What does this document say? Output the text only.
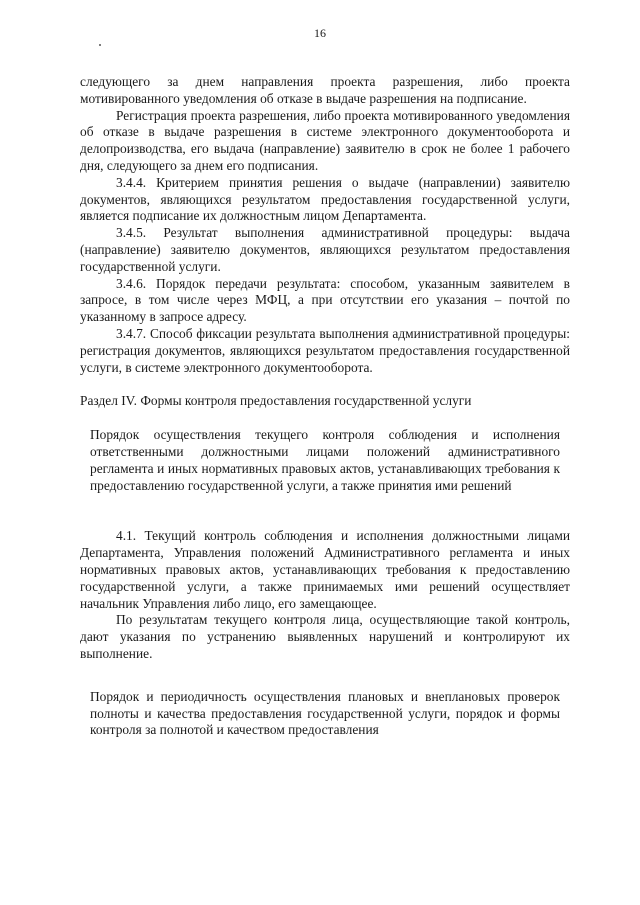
16

следующего за днем направления проекта разрешения, либо проекта мотивированного уведомления об отказе в выдаче разрешения на подписание.

Регистрация проекта разрешения, либо проекта мотивированного уведомления об отказе в выдаче разрешения в системе электронного документооборота и делопроизводства, его выдача (направление) заявителю в срок не более 1 рабочего дня, следующего за днем его подписания.

3.4.4. Критерием принятия решения о выдаче (направлении) заявителю документов, являющихся результатом предоставления государственной услуги, является подписание их должностным лицом Департамента.

3.4.5. Результат выполнения административной процедуры: выдача (направление) заявителю документов, являющихся результатом предоставления государственной услуги.

3.4.6. Порядок передачи результата: способом, указанным заявителем в запросе, в том числе через МФЦ, а при отсутствии его указания – почтой по указанному в запросе адресу.

3.4.7. Способ фиксации результата выполнения административной процедуры: регистрация документов, являющихся результатом предоставления государственной услуги, в системе электронного документооборота.

Раздел IV. Формы контроля предоставления государственной услуги

Порядок осуществления текущего контроля соблюдения и исполнения ответственными должностными лицами положений административного регламента и иных нормативных правовых актов, устанавливающих требования к предоставлению государственной услуги, а также принятия ими решений

4.1. Текущий контроль соблюдения и исполнения должностными лицами Департамента, Управления положений Административного регламента и иных нормативных правовых актов, устанавливающих требования к предоставлению государственной услуги, а также принимаемых ими решений осуществляет начальник Управления либо лицо, его замещающее.

По результатам текущего контроля лица, осуществляющие такой контроль, дают указания по устранению выявленных нарушений и контролируют их выполнение.

Порядок и периодичность осуществления плановых и внеплановых проверок полноты и качества предоставления государственной услуги, порядок и формы контроля за полнотой и качеством предоставления
